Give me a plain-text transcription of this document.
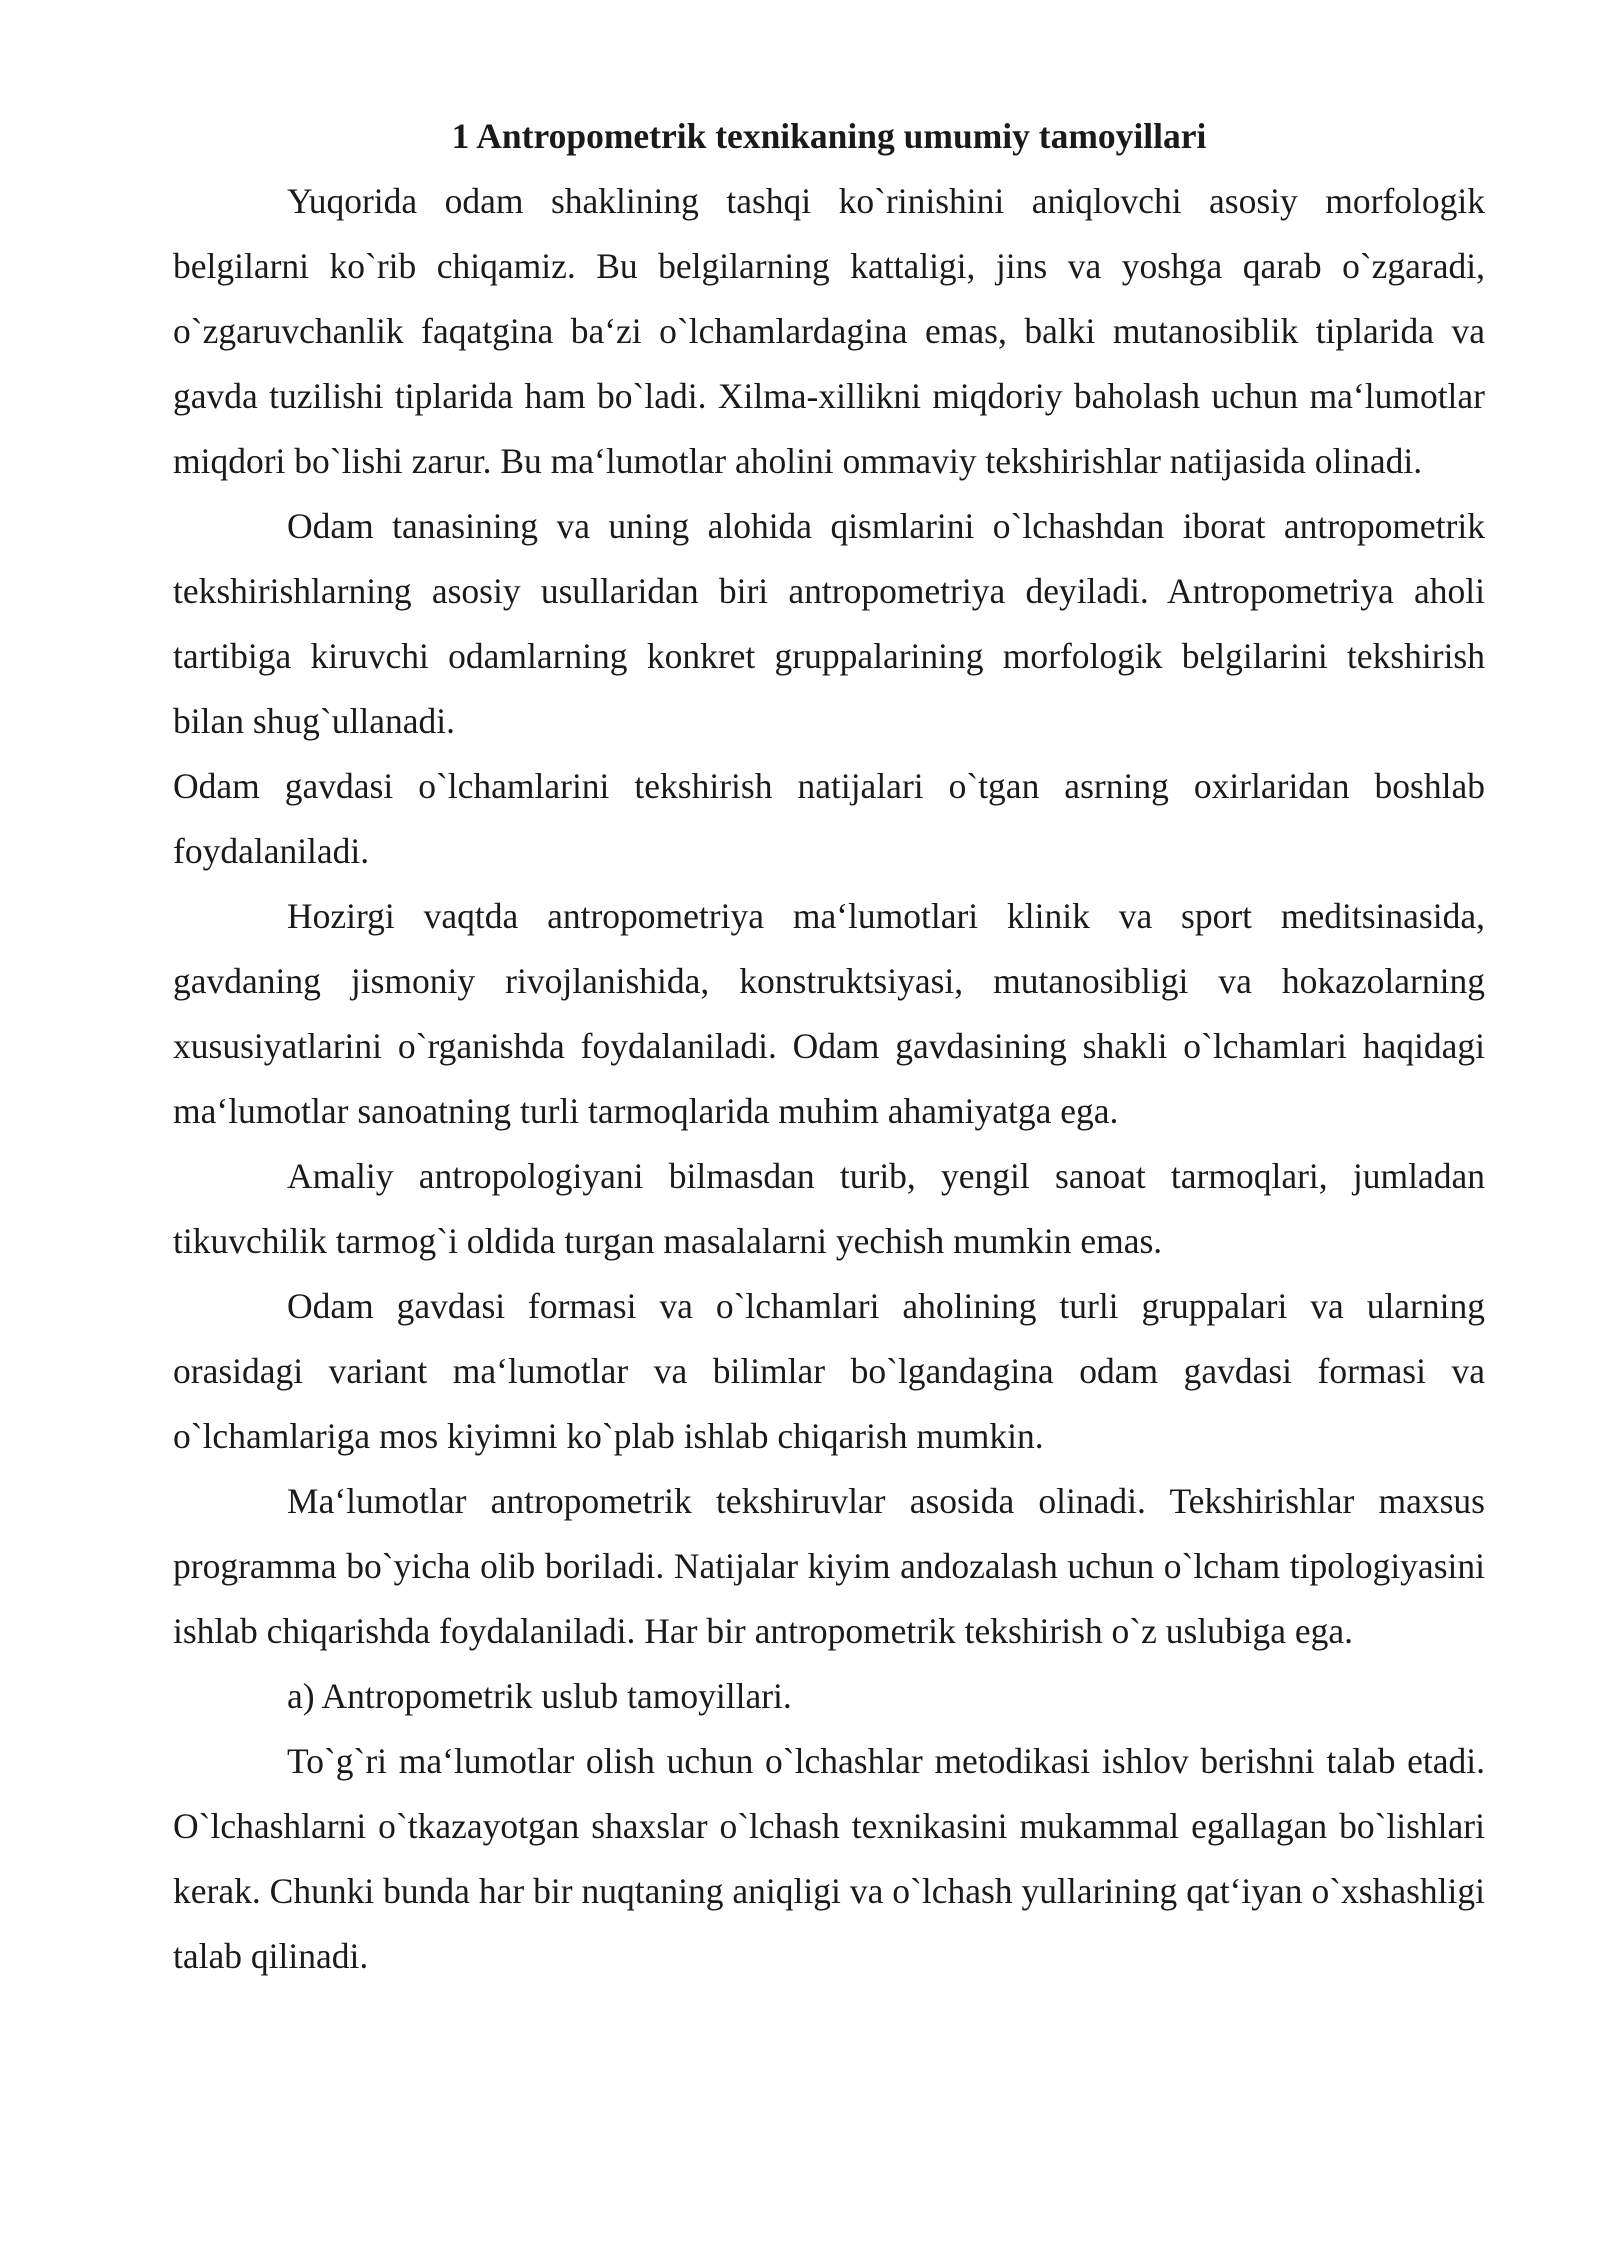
1 Antropometrik texnikaning umumiy tamoyillari

Yuqorida odam shaklining tashqi ko`rinishini aniqlovchi asosiy morfologik belgilarni ko`rib chiqamiz. Bu belgilarning kattaligi, jins va yoshga qarab o`zgaradi, o`zgaruvchanlik faqatgina ba‘zi o`lchamlardagina emas, balki mutanosiblik tiplarida va gavda tuzilishi tiplarida ham bo`ladi. Xilma-xillikni miqdoriy baholash uchun ma‘lumotlar miqdori bo`lishi zarur. Bu ma‘lumotlar aholini ommaviy tekshirishlar natijasida olinadi.

Odam tanasining va uning alohida qismlarini o`lchashdan iborat antropometrik tekshirishlarning asosiy usullaridan biri antropometriya deyiladi. Antropometriya aholi tartibiga kiruvchi odamlarning konkret gruppalarining morfologik belgilarini tekshirish bilan shug`ullanadi.

Odam gavdasi o`lchamlarini tekshirish natijalari o`tgan asrning oxirlaridan boshlab foydalaniladi.

Hozirgi vaqtda antropometriya ma‘lumotlari klinik va sport meditsinasida, gavdaning jismoniy rivojlanishida, konstruktsiyasi, mutanosibligi va hokazolarning xususiyatlarini o`rganishda foydalaniladi. Odam gavdasining shakli o`lchamlari haqidagi ma‘lumotlar sanoatning turli tarmoqlarida muhim ahamiyatga ega.

Amaliy antropologiyani bilmasdan turib, yengil sanoat tarmoqlari, jumladan tikuvchilik tarmog`i oldida turgan masalalarni yechish mumkin emas.

Odam gavdasi formasi va o`lchamlari aholining turli gruppalari va ularning orasidagi variant ma‘lumotlar va bilimlar bo`lgandagina odam gavdasi formasi va o`lchamlariga mos kiyimni ko`plab ishlab chiqarish mumkin.

Ma‘lumotlar antropometrik tekshiruvlar asosida olinadi. Tekshirishlar maxsus programma bo`yicha olib boriladi. Natijalar kiyim andozalash uchun o`lcham tipologiyasini ishlab chiqarishda foydalaniladi. Har bir antropometrik tekshirish o`z uslubiga ega.

a) Antropometrik uslub tamoyillari.

To`g`ri ma‘lumotlar olish uchun o`lchashlar metodikasi ishlov berishni talab etadi. O`lchashlarni o`tkazayotgan shaxslar o`lchash texnikasini mukammal egallagan bo`lishlari kerak. Chunki bunda har bir nuqtaning aniqligi va o`lchash yullarining qat‘iyan o`xshashligi talab qilinadi.
